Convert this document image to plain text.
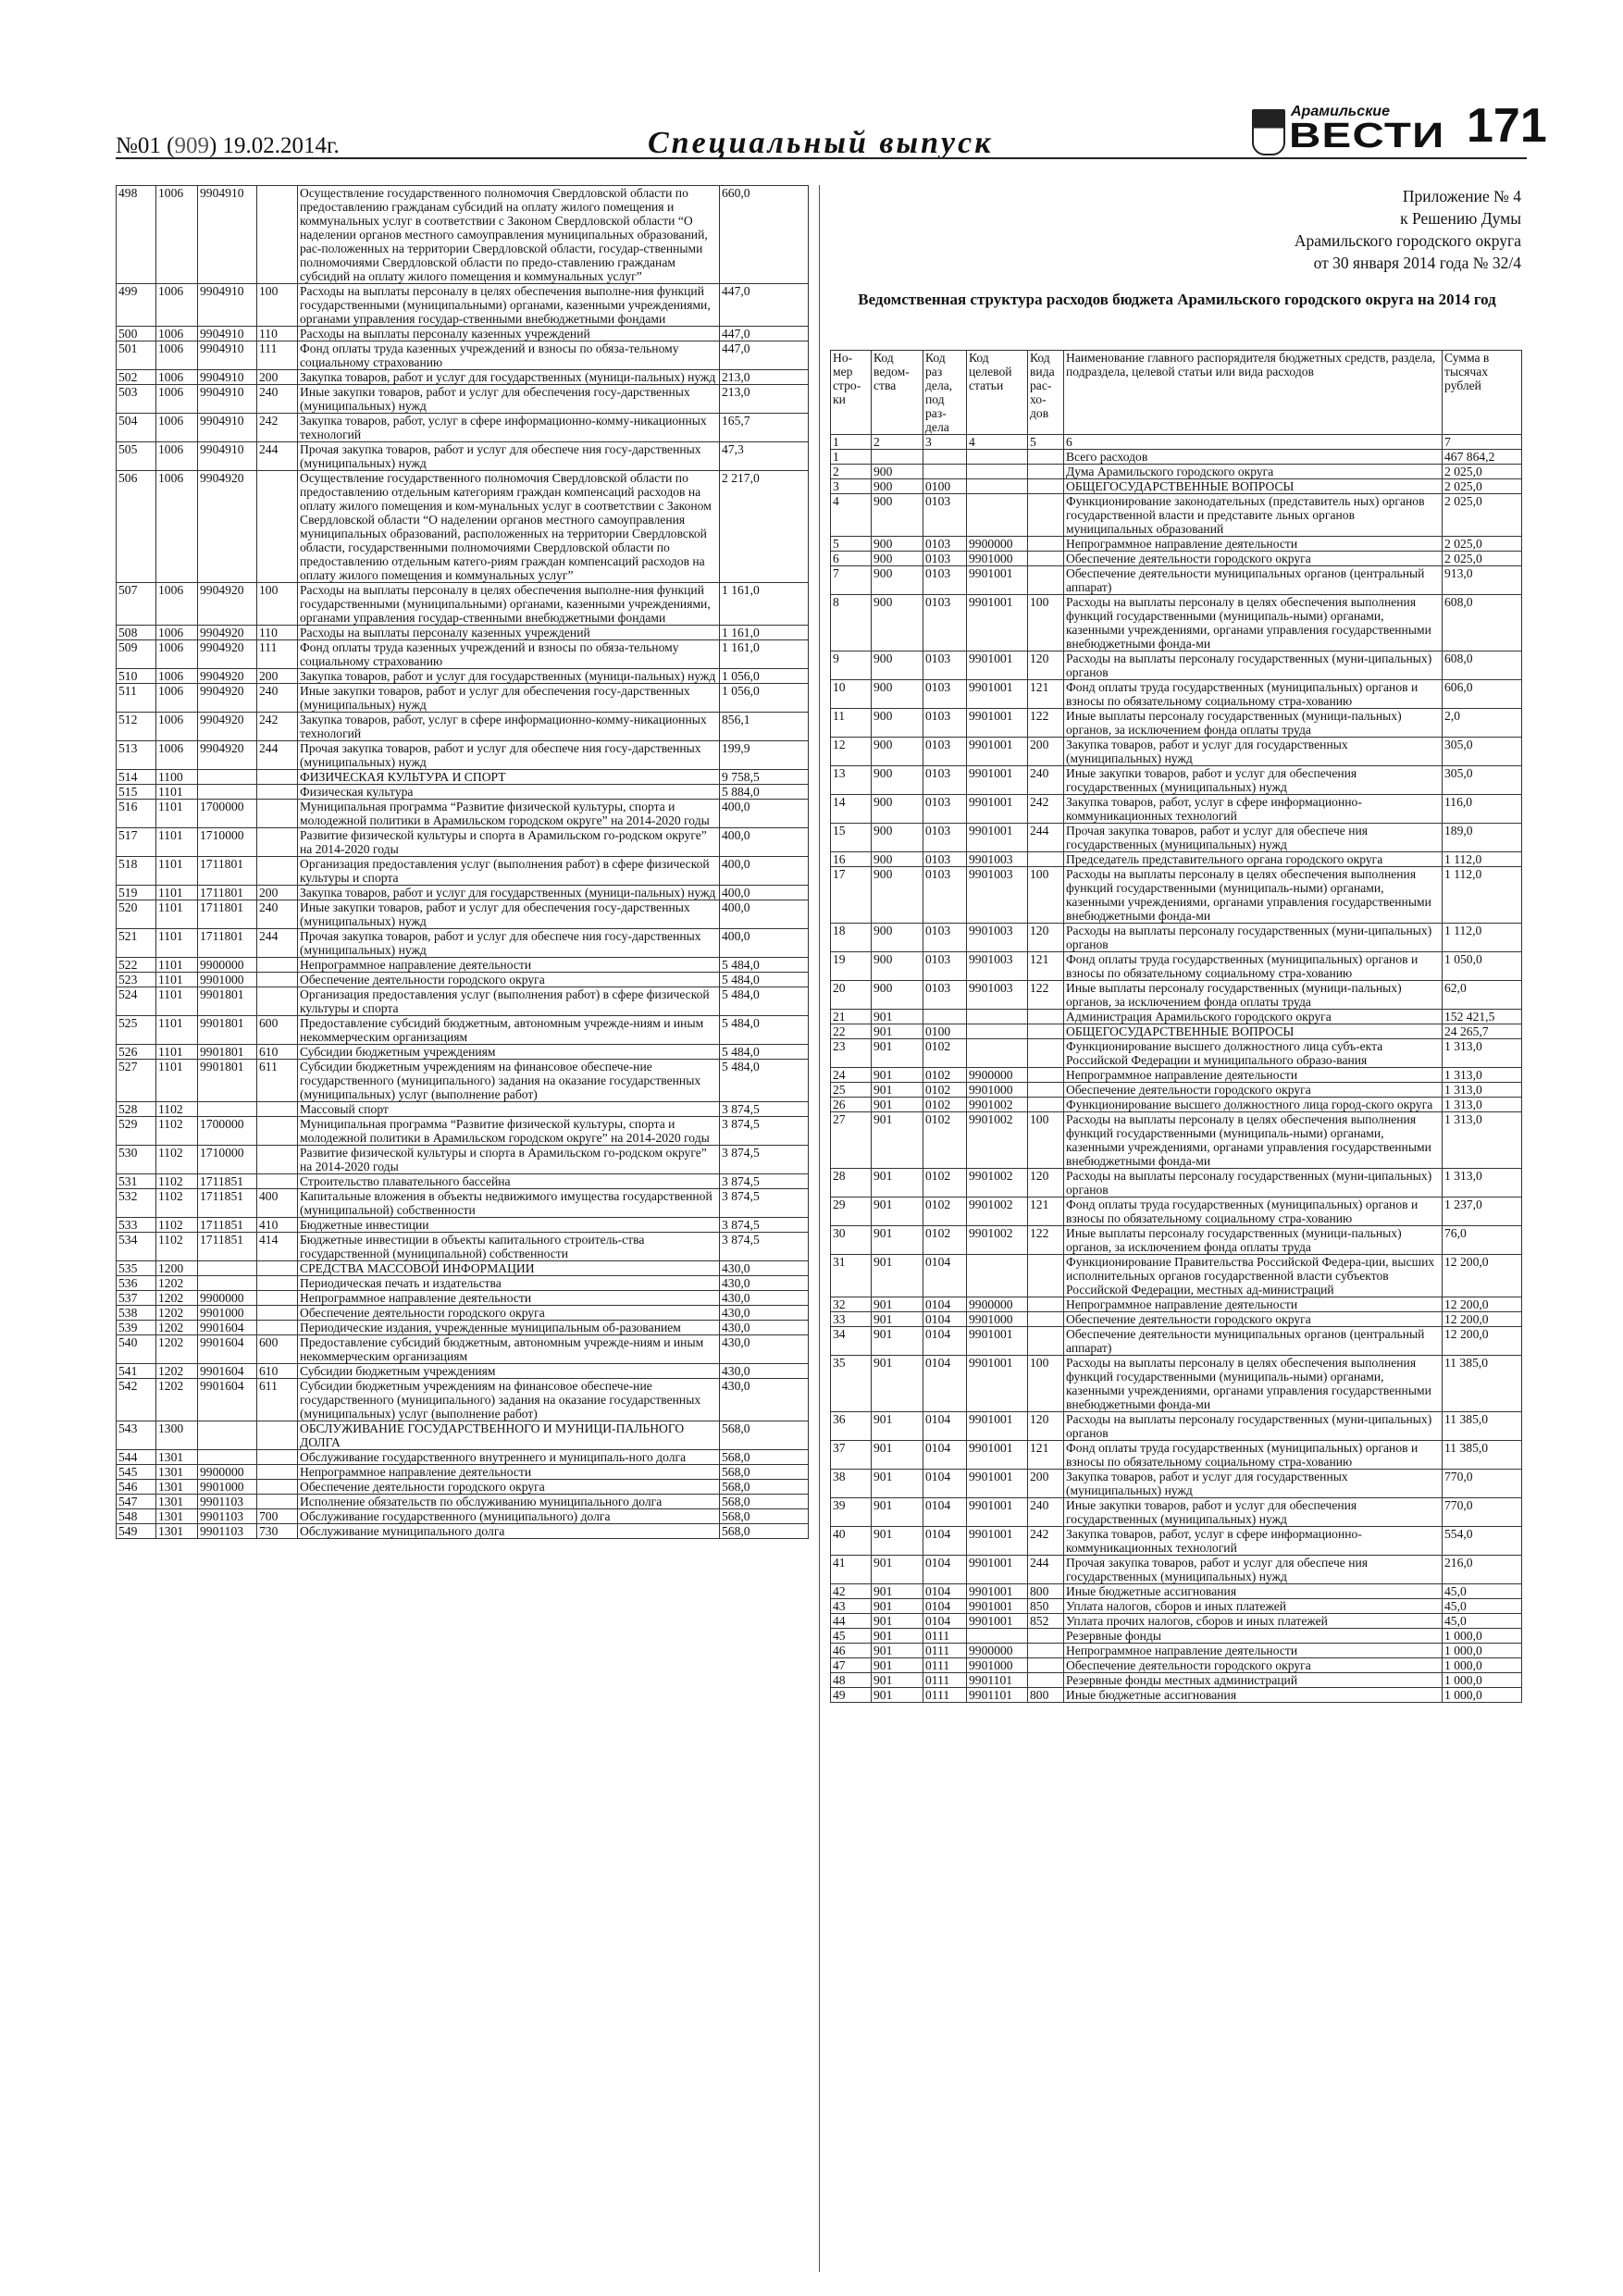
№01 (909) 19.02.2014г.	Специальный выпуск
Арамильские
ВЕСТИ 171
498	1006	9904910		Осуществление государственного полномочия Свердловской области по предоставлению гражданам субсидий на оплату жилого помещения и коммунальных услуг в соответствии с Законом Свердловской области “О наделении органов местного самоуправления муниципальных образований, рас-положенных на территории Свердловской области, государ-ственными полномочиями Свердловской области по предо-ставлению гражданам субсидий на оплату жилого помещения и коммунальных услуг”	660,0
499	1006	9904910	100	Расходы на выплаты персоналу в целях обеспечения выполне-ния функций государственными (муниципальными) органами, казенными учреждениями, органами управления государ-ственными внебюджетными фондами	447,0
500	1006	9904910	110	Расходы на выплаты персоналу казенных учреждений	447,0
501	1006	9904910	111	Фонд оплаты труда казенных учреждений и взносы по обяза-тельному социальному страхованию	447,0
502	1006	9904910	200	Закупка товаров, работ и услуг для государственных (муници-пальных) нужд	213,0
503	1006	9904910	240	Иные закупки товаров, работ и услуг для обеспечения госу-дарственных (муниципальных) нужд	213,0
504	1006	9904910	242	Закупка товаров, работ, услуг в сфере информационно-комму-никационных технологий	165,7
505	1006	9904910	244	Прочая закупка товаров, работ и услуг для обеспече ния госу-дарственных (муниципальных) нужд	47,3
506	1006	9904920		Осуществление государственного полномочия Свердловской области по предоставлению отдельным категориям граждан компенсаций расходов на оплату жилого помещения и ком-мунальных услуг в соответствии с Законом Свердловской области “О наделении органов местного самоуправления муниципальных образований, расположенных на территории Свердловской области, государственными полномочиями Свердловской области по предоставлению отдельным катего-риям граждан компенсаций расходов на оплату жилого помещения и коммунальных услуг”	2 217,0
507	1006	9904920	100	Расходы на выплаты персоналу в целях обеспечения выполне-ния функций государственными (муниципальными) органами, казенными учреждениями, органами управления государ-ственными внебюджетными фондами	1 161,0
508	1006	9904920	110	Расходы на выплаты персоналу казенных учреждений	1 161,0
509	1006	9904920	111	Фонд оплаты труда казенных учреждений и взносы по обяза-тельному социальному страхованию	1 161,0
510	1006	9904920	200	Закупка товаров, работ и услуг для государственных (муници-пальных) нужд	1 056,0
511	1006	9904920	240	Иные закупки товаров, работ и услуг для обеспечения госу-дарственных (муниципальных) нужд	1 056,0
512	1006	9904920	242	Закупка товаров, работ, услуг в сфере информационно-комму-никационных технологий	856,1
513	1006	9904920	244	Прочая закупка товаров, работ и услуг для обеспече ния госу-дарственных (муниципальных) нужд	199,9
514	1100			ФИЗИЧЕСКАЯ КУЛЬТУРА И СПОРТ	9 758,5
515	1101			Физическая культура	5 884,0
516	1101	1700000		Муниципальная программа “Развитие физической культуры, спорта и молодежной политики в Арамильском городском округе” на 2014-2020 годы	400,0
517	1101	1710000		Развитие физической культуры и спорта в Арамильском го-родском округе” на 2014-2020 годы	400,0
518	1101	1711801		Организация предоставления услуг (выполнения работ) в сфере физической культуры и спорта	400,0
519	1101	1711801	200	Закупка товаров, работ и услуг для государственных (муници-пальных) нужд	400,0
520	1101	1711801	240	Иные закупки товаров, работ и услуг для обеспечения госу-дарственных (муниципальных) нужд	400,0
521	1101	1711801	244	Прочая закупка товаров, работ и услуг для обеспече ния госу-дарственных (муниципальных) нужд	400,0
522	1101	9900000		Непрограммное направление деятельности	5 484,0
523	1101	9901000		Обеспечение деятельности городского округа	5 484,0
524	1101	9901801		Организация предоставления услуг (выполнения работ) в сфере физической культуры и спорта	5 484,0
525	1101	9901801	600	Предоставление субсидий бюджетным, автономным учрежде-ниям и иным некоммерческим организациям	5 484,0
526	1101	9901801	610	Субсидии бюджетным учреждениям	5 484,0
527	1101	9901801	611	Субсидии бюджетным учреждениям на финансовое обеспече-ние государственного (муниципального) задания на оказание государственных (муниципальных) услуг (выполнение работ)	5 484,0
528	1102			Массовый спорт	3 874,5
529	1102	1700000		Муниципальная программа “Развитие физической культуры, спорта и молодежной политики в Арамильском городском округе” на 2014-2020 годы	3 874,5
530	1102	1710000		Развитие физической культуры и спорта в Арамильском го-родском округе” на 2014-2020 годы	3 874,5
531	1102	1711851		Строительство плавательного бассейна	3 874,5
532	1102	1711851	400	Капитальные вложения в объекты недвижимого имущества государственной (муниципальной) собственности	3 874,5
533	1102	1711851	410	Бюджетные инвестиции	3 874,5
534	1102	1711851	414	Бюджетные инвестиции в объекты капитального строитель-ства государственной (муниципальной) собственности	3 874,5
535	1200			СРЕДСТВА МАССОВОЙ ИНФОРМАЦИИ	430,0
536	1202			Периодическая печать и издательства	430,0
537	1202	9900000		Непрограммное направление деятельности	430,0
538	1202	9901000		Обеспечение деятельности городского округа	430,0
539	1202	9901604		Периодические издания, учрежденные муниципальным об-разованием	430,0
540	1202	9901604	600	Предоставление субсидий бюджетным, автономным учрежде-ниям и иным некоммерческим организациям	430,0
541	1202	9901604	610	Субсидии бюджетным учреждениям	430,0
542	1202	9901604	611	Субсидии бюджетным учреждениям на финансовое обеспече-ние государственного (муниципального) задания на оказание государственных (муниципальных) услуг (выполнение работ)	430,0
543	1300			ОБСЛУЖИВАНИЕ ГОСУДАРСТВЕННОГО И МУНИЦИ-ПАЛЬНОГО ДОЛГА	568,0
544	1301			Обслуживание государственного внутреннего и муниципаль-ного долга	568,0
545	1301	9900000		Непрограммное направление деятельности	568,0
546	1301	9901000		Обеспечение деятельности городского округа	568,0
547	1301	9901103		Исполнение обязательств по обслуживанию муниципального долга	568,0
548	1301	9901103	700	Обслуживание государственного (муниципального) долга	568,0
549	1301	9901103	730	Обслуживание муниципального долга	568,0
Приложение № 4
к Решению Думы
Арамильского городского округа
от 30 января 2014 года № 32/4
Ведомственная структура расходов бюджета Арамильского городского округа на 2014 год
Но-мер стро-ки	Код ведом-ства	Код раз дела, под раз-дела	Код целевой статьи	Код вида рас-хо-дов	Наименование главного распорядителя бюджетных средств, раздела, подраздела, целевой статьи или вида расходов	Сумма в тысячах рублей
1	2	3	4	5	6	7
1					Всего расходов	467 864,2
2	900				Дума Арамильского городского округа	2 025,0
3	900	0100			ОБЩЕГОСУДАРСТВЕННЫЕ ВОПРОСЫ	2 025,0
4	900	0103			Функционирование законодательных (представитель ных) органов государственной власти и представите льных органов муниципальных образований	2 025,0
5	900	0103	9900000		Непрограммное направление деятельности	2 025,0
6	900	0103	9901000		Обеспечение деятельности городского округа	2 025,0
7	900	0103	9901001		Обеспечение деятельности муниципальных органов (центральный аппарат)	913,0
8	900	0103	9901001	100	Расходы на выплаты персоналу в целях обеспечения выполнения функций государственными (муниципаль-ными) органами, казенными учреждениями, органами управления государственными внебюджетными фонда-ми	608,0
9	900	0103	9901001	120	Расходы на выплаты персоналу государственных (муни-ципальных) органов	608,0
10	900	0103	9901001	121	Фонд оплаты труда государственных (муниципальных) органов и взносы по обязательному социальному стра-хованию	606,0
11	900	0103	9901001	122	Иные выплаты персоналу государственных (муници-пальных) органов, за исключением фонда оплаты труда	2,0
12	900	0103	9901001	200	Закупка товаров, работ и услуг для государственных (муниципальных) нужд	305,0
13	900	0103	9901001	240	Иные закупки товаров, работ и услуг для обеспечения государственных (муниципальных) нужд	305,0
14	900	0103	9901001	242	Закупка товаров, работ, услуг в сфере информационно-коммуникационных технологий	116,0
15	900	0103	9901001	244	Прочая закупка товаров, работ и услуг для обеспече ния государственных (муниципальных) нужд	189,0
16	900	0103	9901003		Председатель представительного органа городского округа	1 112,0
17	900	0103	9901003	100	Расходы на выплаты персоналу в целях обеспечения выполнения функций государственными (муниципаль-ными) органами, казенными учреждениями, органами управления государственными внебюджетными фонда-ми	1 112,0
18	900	0103	9901003	120	Расходы на выплаты персоналу государственных (муни-ципальных) органов	1 112,0
19	900	0103	9901003	121	Фонд оплаты труда государственных (муниципальных) органов и взносы по обязательному социальному стра-хованию	1 050,0
20	900	0103	9901003	122	Иные выплаты персоналу государственных (муници-пальных) органов, за исключением фонда оплаты труда	62,0
21	901				Администрация Арамильского городского округа	152 421,5
22	901	0100			ОБЩЕГОСУДАРСТВЕННЫЕ ВОПРОСЫ	24 265,7
23	901	0102			Функционирование высшего должностного лица субъ-екта Российской Федерации и муниципального образо-вания	1 313,0
24	901	0102	9900000		Непрограммное направление деятельности	1 313,0
25	901	0102	9901000		Обеспечение деятельности городского округа	1 313,0
26	901	0102	9901002		Функционирование высшего должностного лица город-ского округа	1 313,0
27	901	0102	9901002	100	Расходы на выплаты персоналу в целях обеспечения выполнения функций государственными (муниципаль-ными) органами, казенными учреждениями, органами управления государственными внебюджетными фонда-ми	1 313,0
28	901	0102	9901002	120	Расходы на выплаты персоналу государственных (муни-ципальных) органов	1 313,0
29	901	0102	9901002	121	Фонд оплаты труда государственных (муниципальных) органов и взносы по обязательному социальному стра-хованию	1 237,0
30	901	0102	9901002	122	Иные выплаты персоналу государственных (муници-пальных) органов, за исключением фонда оплаты труда	76,0
31	901	0104			Функционирование Правительства Российской Федера-ции, высших исполнительных органов государственной власти субъектов Российской Федерации, местных ад-министраций	12 200,0
32	901	0104	9900000		Непрограммное направление деятельности	12 200,0
33	901	0104	9901000		Обеспечение деятельности городского округа	12 200,0
34	901	0104	9901001		Обеспечение деятельности муниципальных органов (центральный аппарат)	12 200,0
35	901	0104	9901001	100	Расходы на выплаты персоналу в целях обеспечения выполнения функций государственными (муниципаль-ными) органами, казенными учреждениями, органами управления государственными внебюджетными фонда-ми	11 385,0
36	901	0104	9901001	120	Расходы на выплаты персоналу государственных (муни-ципальных) органов	11 385,0
37	901	0104	9901001	121	Фонд оплаты труда государственных (муниципальных) органов и взносы по обязательному социальному стра-хованию	11 385,0
38	901	0104	9901001	200	Закупка товаров, работ и услуг для государственных (муниципальных) нужд	770,0
39	901	0104	9901001	240	Иные закупки товаров, работ и услуг для обеспечения государственных (муниципальных) нужд	770,0
40	901	0104	9901001	242	Закупка товаров, работ, услуг в сфере информационно-коммуникационных технологий	554,0
41	901	0104	9901001	244	Прочая закупка товаров, работ и услуг для обеспече ния государственных (муниципальных) нужд	216,0
42	901	0104	9901001	800	Иные бюджетные ассигнования	45,0
43	901	0104	9901001	850	Уплата налогов, сборов и иных платежей	45,0
44	901	0104	9901001	852	Уплата прочих налогов, сборов и иных платежей	45,0
45	901	0111			Резервные фонды	1 000,0
46	901	0111	9900000		Непрограммное направление деятельности	1 000,0
47	901	0111	9901000		Обеспечение деятельности городского округа	1 000,0
48	901	0111	9901101		Резервные фонды местных администраций	1 000,0
49	901	0111	9901101	800	Иные бюджетные ассигнования	1 000,0
